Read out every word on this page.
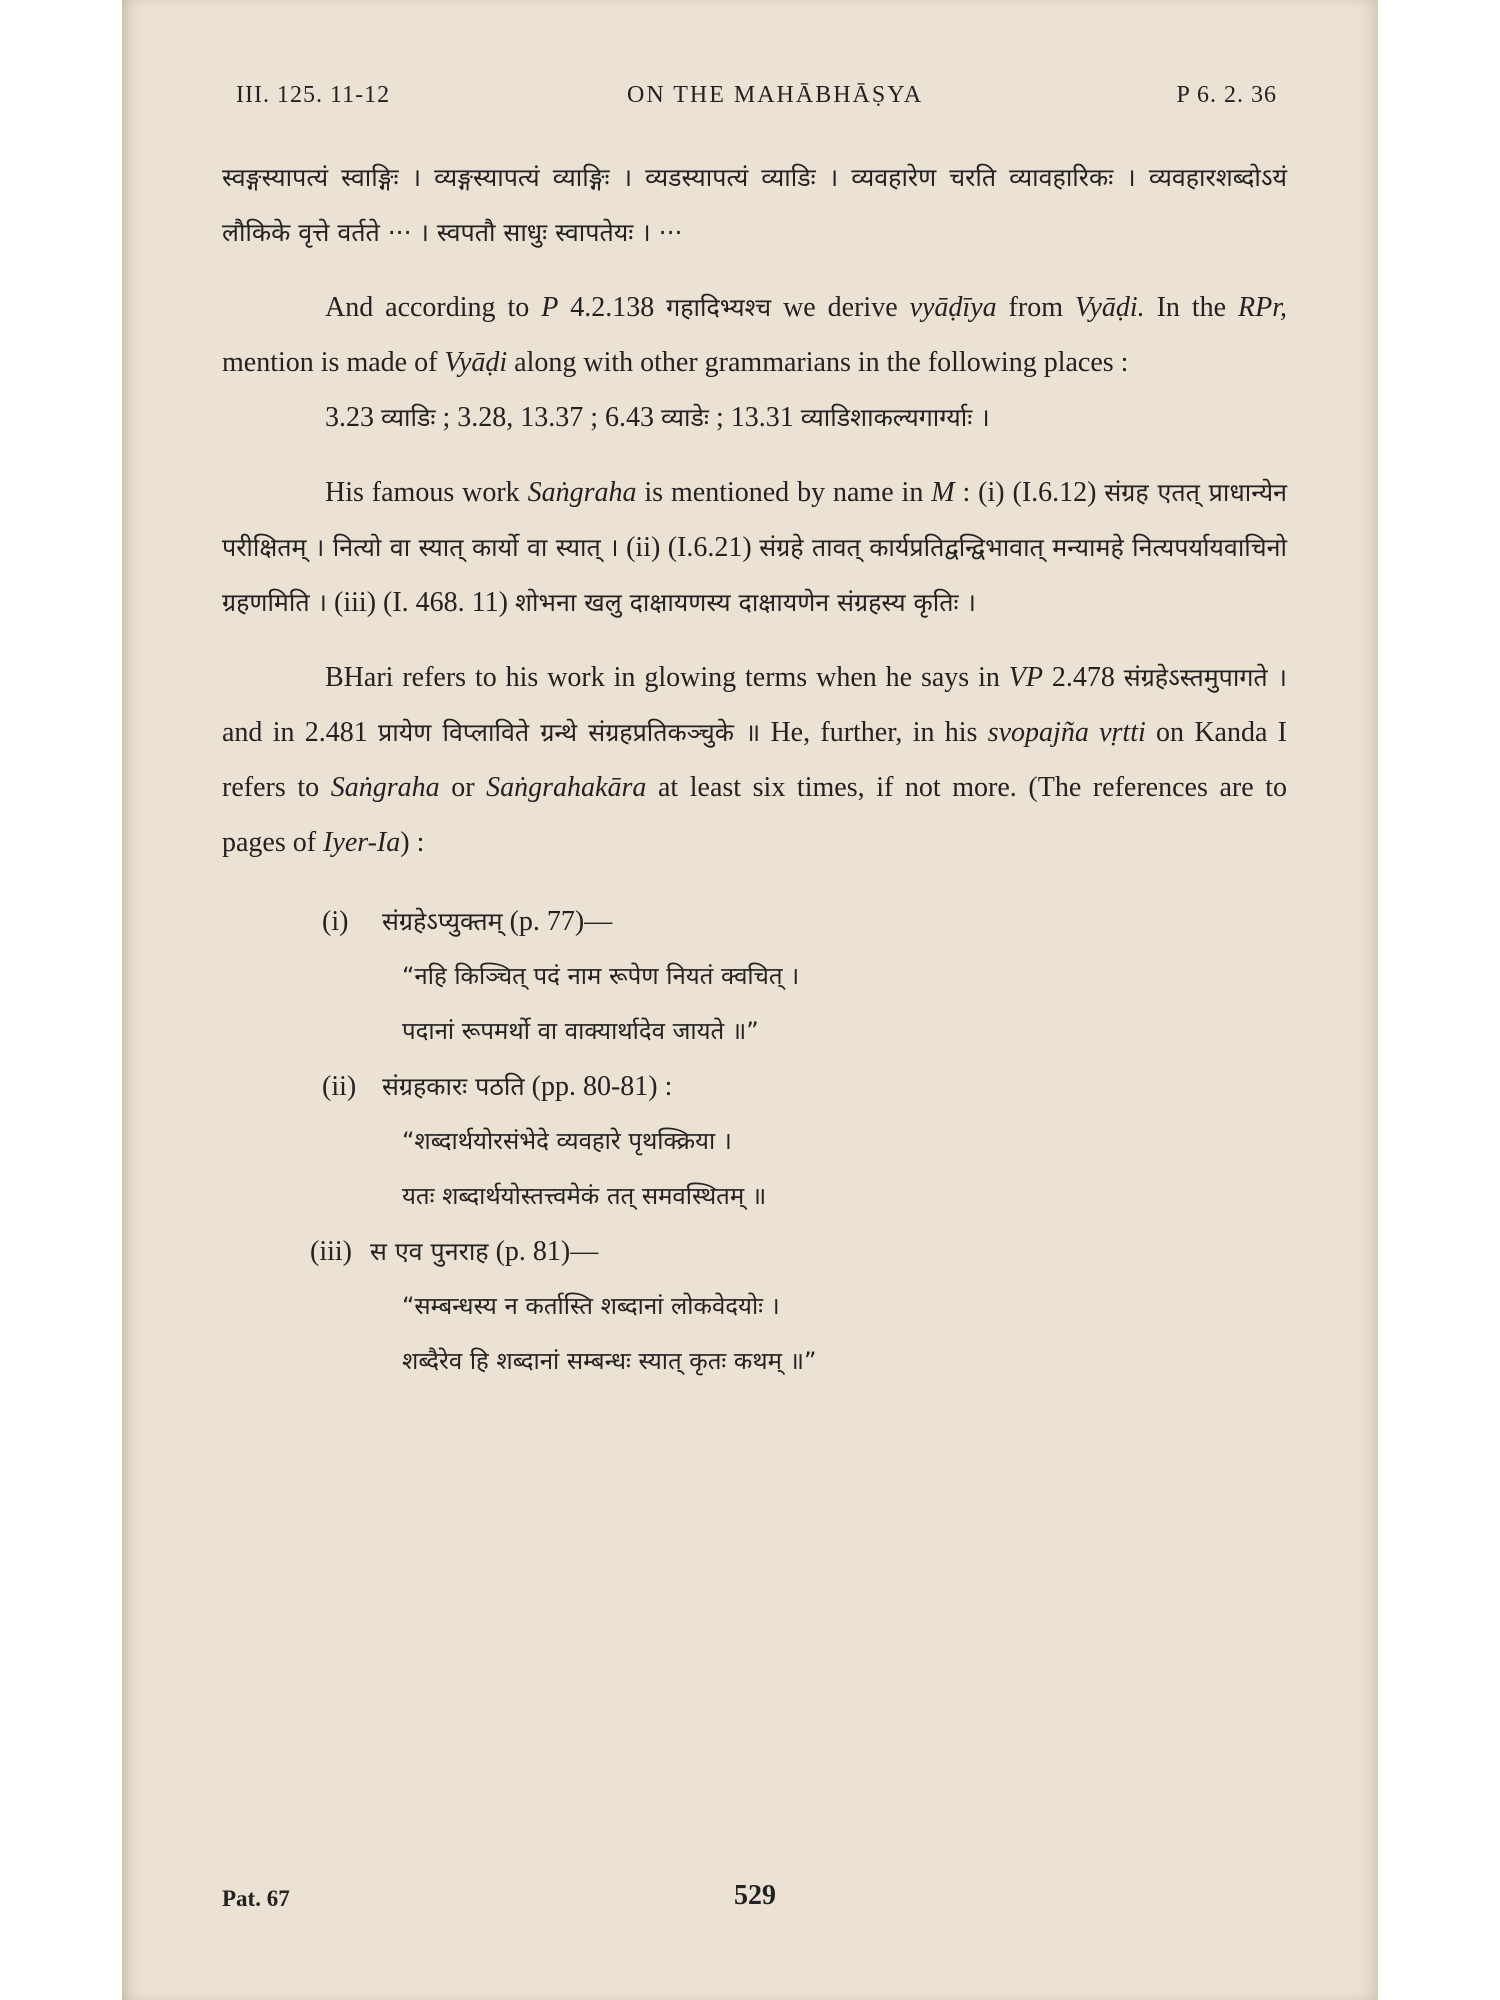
III. 125. 11-12	ON THE MAHĀBHĀṢYA	P 6. 2. 36

स्वङ्गस्यापत्यं स्वाङ्गिः । व्यङ्गस्यापत्यं व्याङ्गिः । व्यडस्यापत्यं व्याडिः । व्यवहारेण चरति व्यावहारिकः । व्यवहारशब्दोऽयं लौकिके वृत्ते वर्तते ··· । स्वपतौ साधुः स्वापतेयः । ···

And according to P 4.2.138 गहादिभ्यश्च we derive vyāḍīya from Vyāḍi. In the RPr, mention is made of Vyāḍi along with other grammarians in the following places :

3.23 व्याडिः ; 3.28, 13.37 ; 6.43 व्याडेः ; 13.31 व्याडिशाकल्यगार्ग्याः ।

His famous work Saṅgraha is mentioned by name in M : (i) (I.6.12) संग्रह एतत् प्राधान्येन परीक्षितम् । नित्यो वा स्यात् कार्यो वा स्यात् । (ii) (I.6.21) संग्रहे तावत् कार्यप्रतिद्वन्द्विभावात् मन्यामहे नित्यपर्यायवाचिनो ग्रहणमिति । (iii) (I. 468. 11) शोभना खलु दाक्षायणस्य दाक्षायणेन संग्रहस्य कृतिः ।

BHari refers to his work in glowing terms when he says in VP 2.478 संग्रहेऽस्तमुपागते । and in 2.481 प्रायेण विप्लाविते ग्रन्थे संग्रहप्रतिकञ्चुके ॥ He, further, in his svopajña vṛtti on Kanda I refers to Saṅgraha or Saṅgrahakāra at least six times, if not more. (The references are to pages of Iyer-Ia) :

(i) संग्रहेऽप्युक्तम् (p. 77)—
“नहि किञ्चित् पदं नाम रूपेण नियतं क्वचित् ।
पदानां रूपमर्थो वा वाक्यार्थादेव जायते ॥”
(ii) संग्रहकारः पठति (pp. 80-81) :
“शब्दार्थयोरसंभेदे व्यवहारे पृथक्क्रिया ।
यतः शब्दार्थयोस्तत्त्वमेकं तत् समवस्थितम् ॥
(iii) स एव पुनराह (p. 81)—
“सम्बन्धस्य न कर्तास्ति शब्दानां लोकवेदयोः ।
शब्दैरेव हि शब्दानां सम्बन्धः स्यात् कृतः कथम् ॥”
Pat. 67	529
